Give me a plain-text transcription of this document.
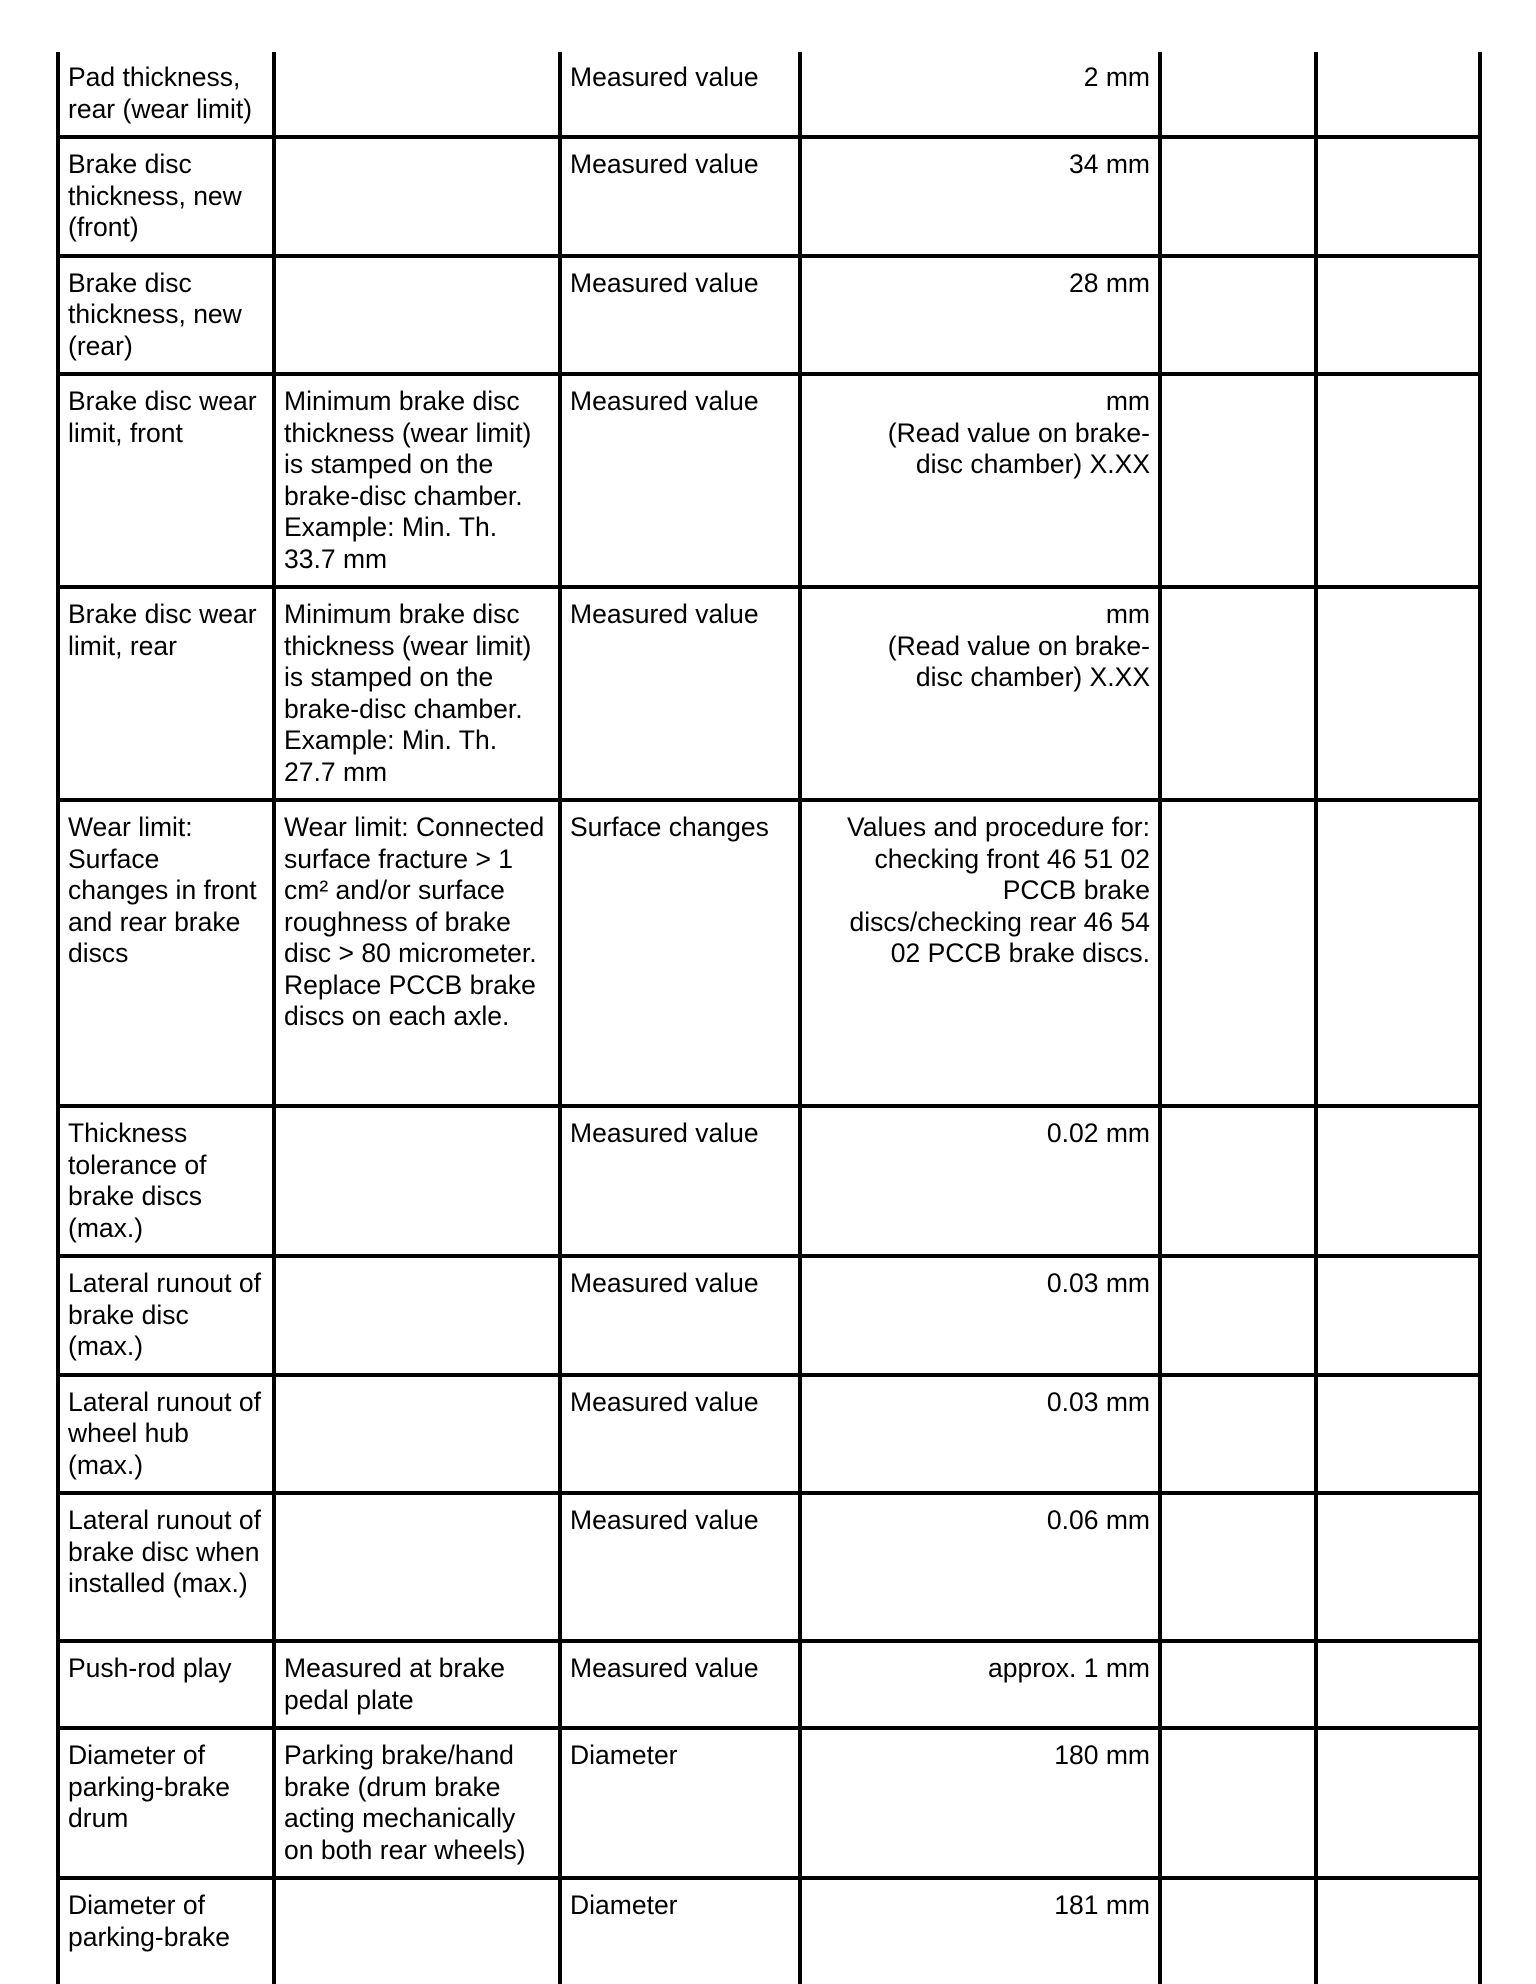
Pad thickness, rear (wear limit)		Measured value	2 mm		
Brake disc thickness, new (front)		Measured value	34 mm		
Brake disc thickness, new (rear)		Measured value	28 mm		
Brake disc wear limit, front	Minimum brake disc thickness (wear limit) is stamped on the brake-disc chamber. Example: Min. Th. 33.7 mm	Measured value	mm
(Read value on brake-
disc chamber) X.XX		
Brake disc wear limit, rear	Minimum brake disc thickness (wear limit) is stamped on the brake-disc chamber. Example: Min. Th. 27.7 mm	Measured value	mm
(Read value on brake-
disc chamber) X.XX		
Wear limit: Surface changes in front and rear brake discs	Wear limit: Connected surface fracture > 1 cm² and/or surface roughness of brake disc > 80 micrometer. Replace PCCB brake discs on each axle.	Surface changes	Values and procedure for:
checking front 46 51 02
PCCB brake
discs/checking rear 46 54
02 PCCB brake discs.		
Thickness tolerance of brake discs (max.)		Measured value	0.02 mm		
Lateral runout of brake disc (max.)		Measured value	0.03 mm		
Lateral runout of wheel hub (max.)		Measured value	0.03 mm		
Lateral runout of brake disc when installed (max.)		Measured value	0.06 mm		
Push-rod play	Measured at brake pedal plate	Measured value	approx. 1 mm		
Diameter of parking-brake drum	Parking brake/hand brake (drum brake acting mechanically on both rear wheels)	Diameter	180 mm		
Diameter of parking-brake		Diameter	181 mm		
